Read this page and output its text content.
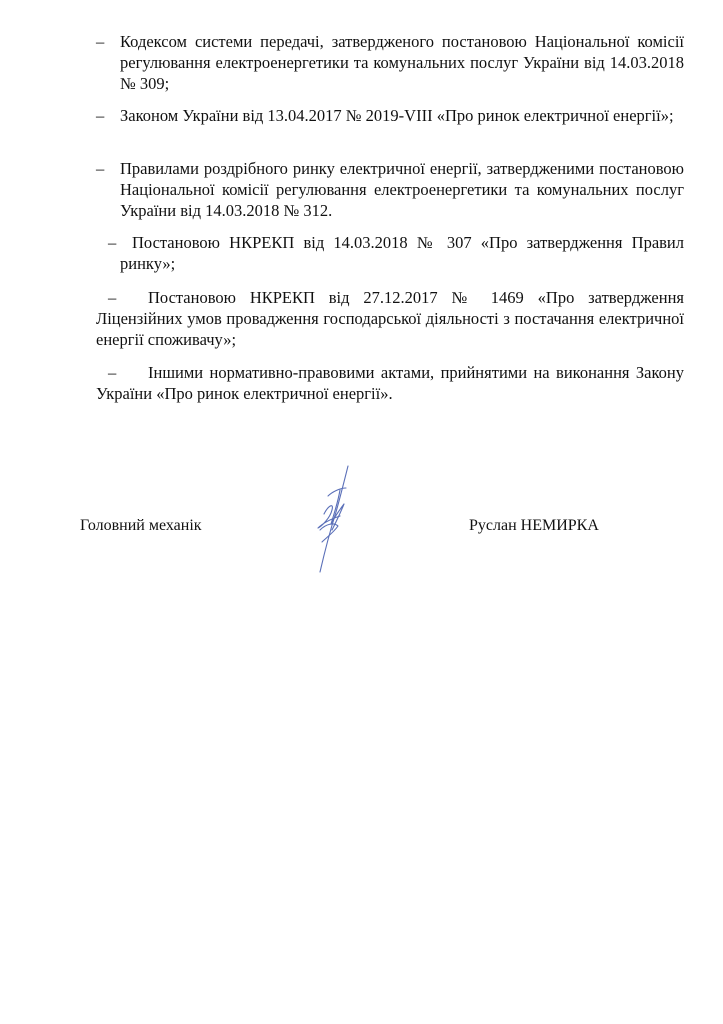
– Кодексом системи передачі, затвердженого постановою Національної комісії регулювання електроенергетики та комунальних послуг України від 14.03.2018 № 309;
– Законом України від 13.04.2017 № 2019-VIII «Про ринок електричної енергії»;
– Правилами роздрібного ринку електричної енергії, затвердженими постановою Національної комісії регулювання електроенергетики та комунальних послуг України від 14.03.2018 № 312.
– Постановою НКРЕКП від 14.03.2018 № 307 «Про затвердження Правил
ринку»;
–	Постановою НКРЕКП від 27.12.2017 № 1469 «Про затвердження Ліцензійних умов провадження господарської діяльності з постачання електричної енергії споживачу»;
–	Іншими нормативно-правовими актами, прийнятими на виконання Закону України «Про ринок електричної енергії».
Головний механік	Руслан НЕМИРКА
